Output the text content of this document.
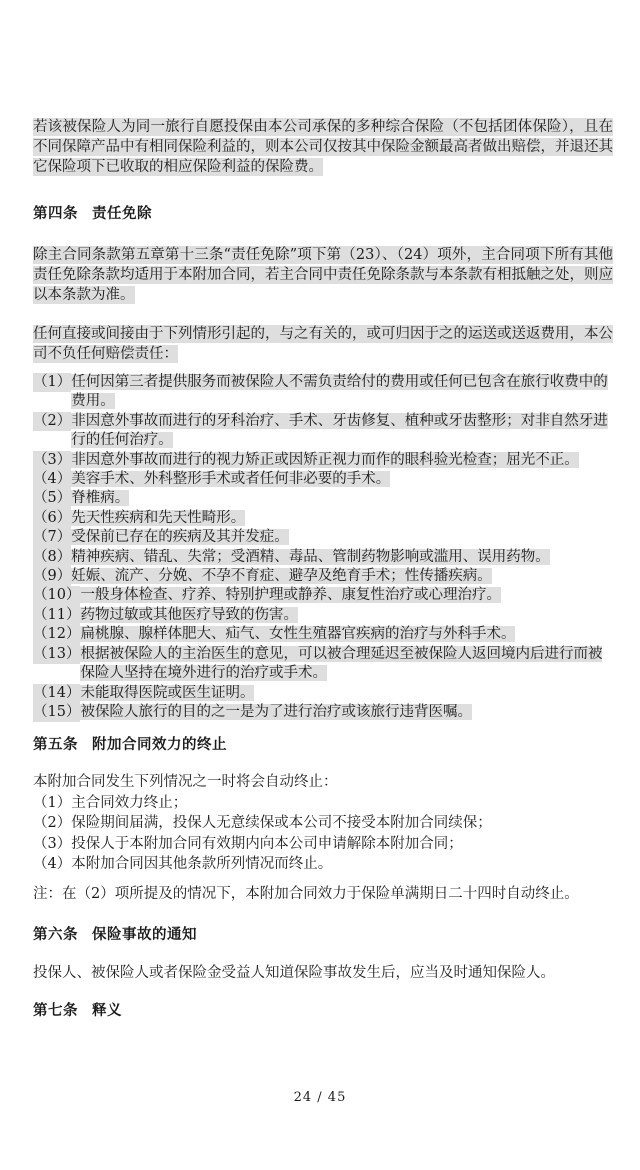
若该被保险人为同一旅行自愿投保由本公司承保的多种综合保险（不包括团体保险），且在不同保障产品中有相同保险利益的，则本公司仅按其中保险金额最高者做出赔偿，并退还其它保险项下已收取的相应保险利益的保险费。
第四条 责任免除
除主合同条款第五章第十三条“责任免除”项下第（23）、（24）项外，主合同项下所有其他责任免除条款均适用于本附加合同，若主合同中责任免除条款与本条款有相抵触之处，则应以本条款为准。
任何直接或间接由于下列情形引起的，与之有关的，或可归因于之的运送或送返费用，本公司不负任何赔偿责任：
（1） 任何因第三者提供服务而被保险人不需负责给付的费用或任何已包含在旅行收费中的费用。
（2） 非因意外事故而进行的牙科治疗、手术、牙齿修复、植种或牙齿整形；对非自然牙进行的任何治疗。
（3） 非因意外事故而进行的视力矫正或因矫正视力而作的眼科验光检查；屈光不正。
（4） 美容手术、外科整形手术或者任何非必要的手术。
（5） 脊椎病。
（6） 先天性疾病和先天性畸形。
（7） 受保前已存在的疾病及其并发症。
（8） 精神疾病、错乱、失常；受酒精、毒品、管制药物影响或滥用、误用药物。
（9） 妊娠、流产、分娩、不孕不育症、避孕及绝育手术；性传播疾病。
（10） 一般身体检查、疗养、特别护理或静养、康复性治疗或心理治疗。
（11） 药物过敏或其他医疗导致的伤害。
（12） 扁桃腺、腺样体肥大、疝气、女性生殖器官疾病的治疗与外科手术。
（13） 根据被保险人的主治医生的意见，可以被合理延迟至被保险人返回境内后进行而被保险人坚持在境外进行的治疗或手术。
（14） 未能取得医院或医生证明。
（15） 被保险人旅行的目的之一是为了进行治疗或该旅行违背医嘱。
第五条 附加合同效力的终止
本附加合同发生下列情况之一时将会自动终止：
（1） 主合同效力终止；
（2） 保险期间届满，投保人无意续保或本公司不接受本附加合同续保；
（3） 投保人于本附加合同有效期内向本公司申请解除本附加合同；
（4） 本附加合同因其他条款所列情况而终止。
注：在（2）项所提及的情况下，本附加合同效力于保险单满期日二十四时自动终止。
第六条 保险事故的通知
投保人、被保险人或者保险金受益人知道保险事故发生后，应当及时通知保险人。
第七条 释义
24 / 45
